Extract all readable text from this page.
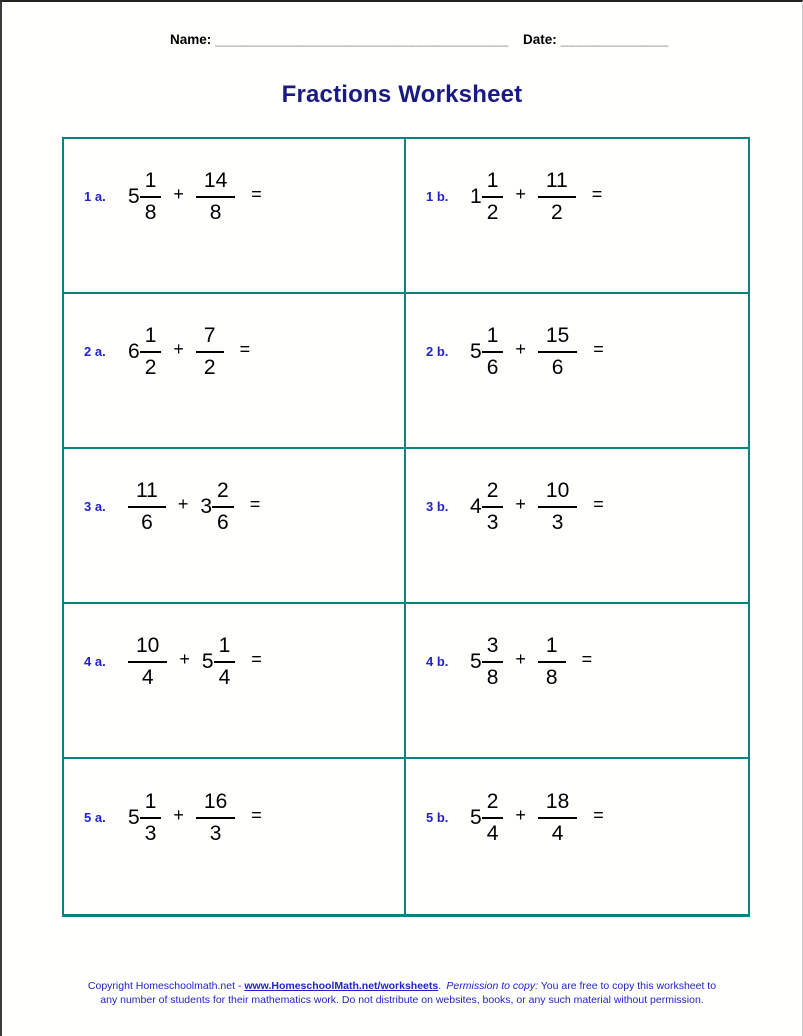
Name: ______________________________________ Date: ______________
Fractions Worksheet
1 a.	$5 \frac{1}{8} + \frac{14}{8}$ =	1 b. $1 \frac{1}{2} + \frac{11}{2}$ =
2 a.	$6 \frac{1}{2} + \frac{7}{2}$ =	2 b. $5 \frac{1}{6} + \frac{15}{6}$ =
3 a.	$\frac{11}{6} + 3 \frac{2}{6}$ =	3 b. $4 \frac{2}{3} + \frac{10}{3}$ =
4 a.	$\frac{10}{4} + 5 \frac{1}{4}$ =	4 b. $5 \frac{3}{8} + \frac{1}{8}$ =
5 a.	$5 \frac{1}{3} + \frac{16}{3}$ =	5 b. $5 \frac{2}{4} + \frac{18}{4}$ =
Copyright Homeschoolmath.net - www.HomeschoolMath.net/worksheets. Permission to copy: You are free to copy this worksheet to any number of students for their mathematics work. Do not distribute on websites, books, or any such material without permission.
